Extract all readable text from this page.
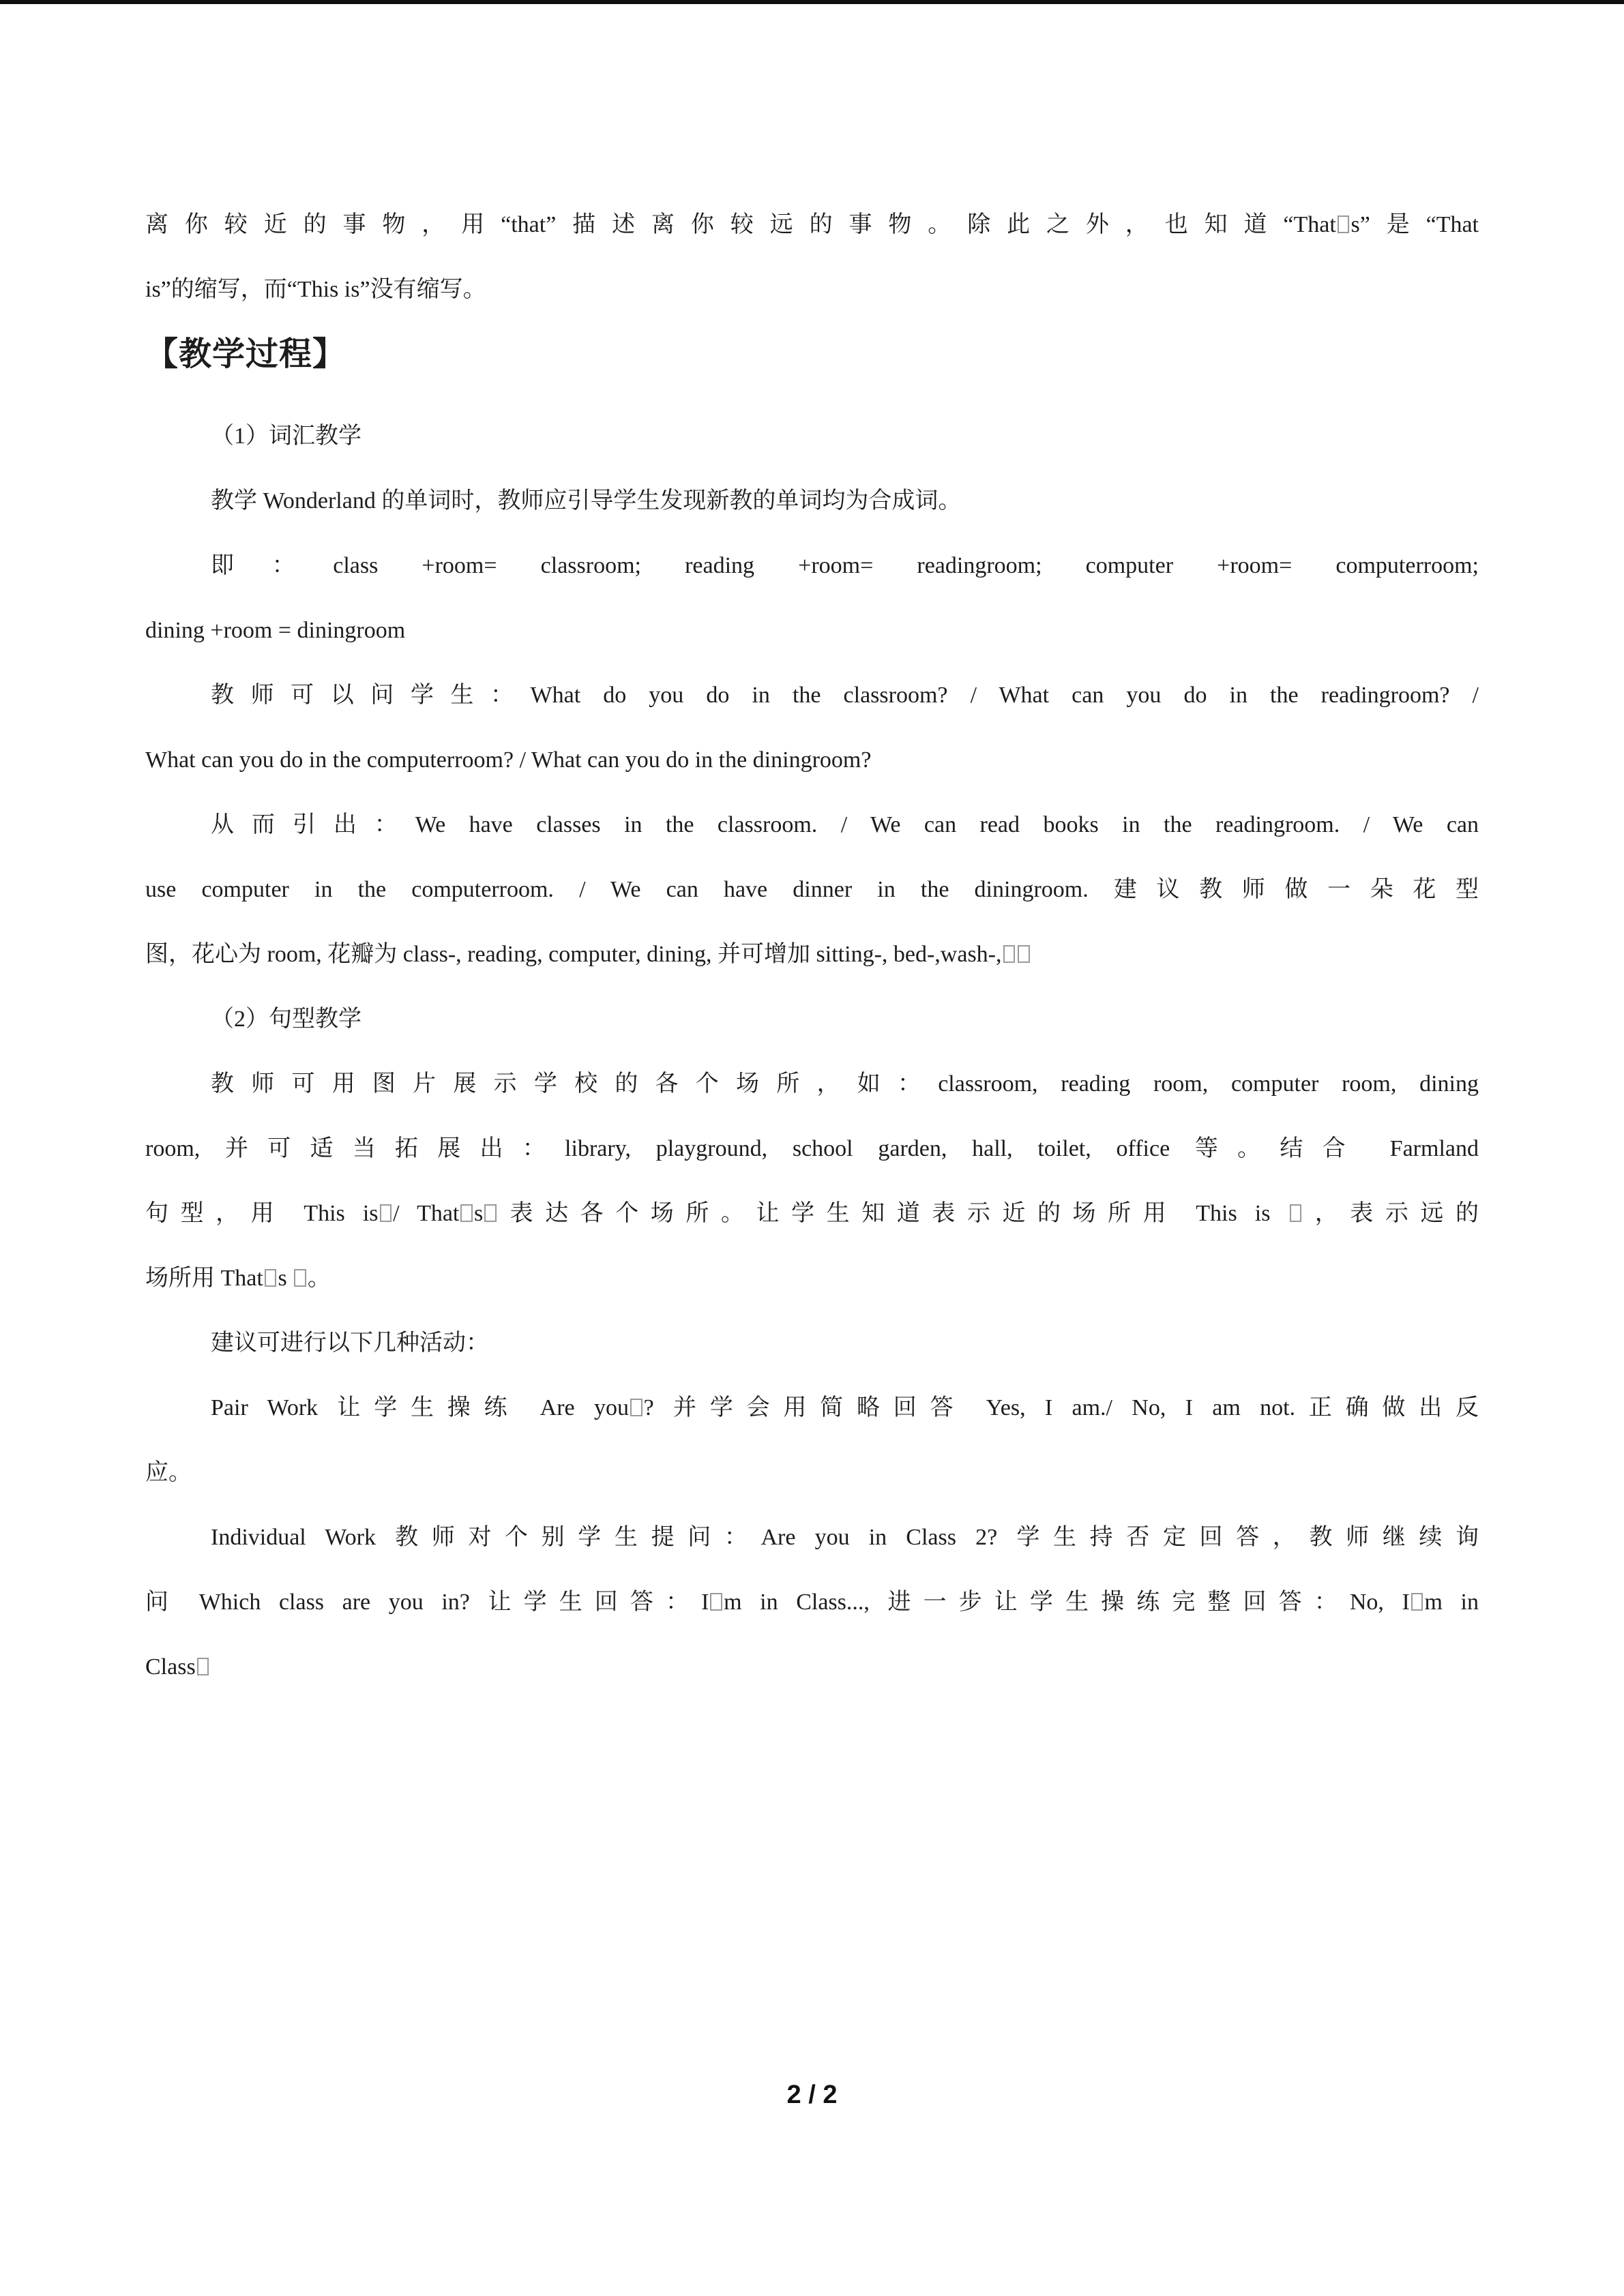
离你较近的事物，用“that”描述离你较远的事物。除此之外，也知道“That s”是“That
is”的缩写，而“This is”没有缩写。
【教学过程】
（1）词汇教学
教学 Wonderland 的单词时，教师应引导学生发现新教的单词均为合成词。
即：class +room= classroom; reading +room= readingroom; computer +room= computerroom;
dining +room = diningroom
教师可以问学生：What do you do in the classroom? / What can you do in the readingroom? /
What can you do in the computerroom? / What can you do in the diningroom?
从而引出：We have classes in the classroom. / We can read books in the readingroom. / We can
use computer in the computerroom. / We can have dinner in the diningroom. 建议教师做一朵花型
图，花心为 room, 花瓣为 class-, reading, computer, dining, 并可增加 sitting-, bed-,wash-,
（2）句型教学
教师可用图片展示学校的各个场所，如：classroom, reading room, computer room, dining
room, 并可适当拓展出：library, playground, school garden, hall, toilet, office 等。结合 Farmland
句型，用 This is / That s 表达各个场所。让学生知道表示近的场所用 This is ，表示远的
场所用 That s 。
建议可进行以下几种活动：
Pair Work 让学生操练 Are you ? 并学会用简略回答 Yes, I am./ No, I am not.正确做出反
应。
Individual Work 教师对个别学生提问：Are you in Class 2? 学生持否定回答，教师继续询
问 Which class are you in? 让学生回答：I m in Class..., 进一步让学生操练完整回答：No, I m in
Class
2 / 2
